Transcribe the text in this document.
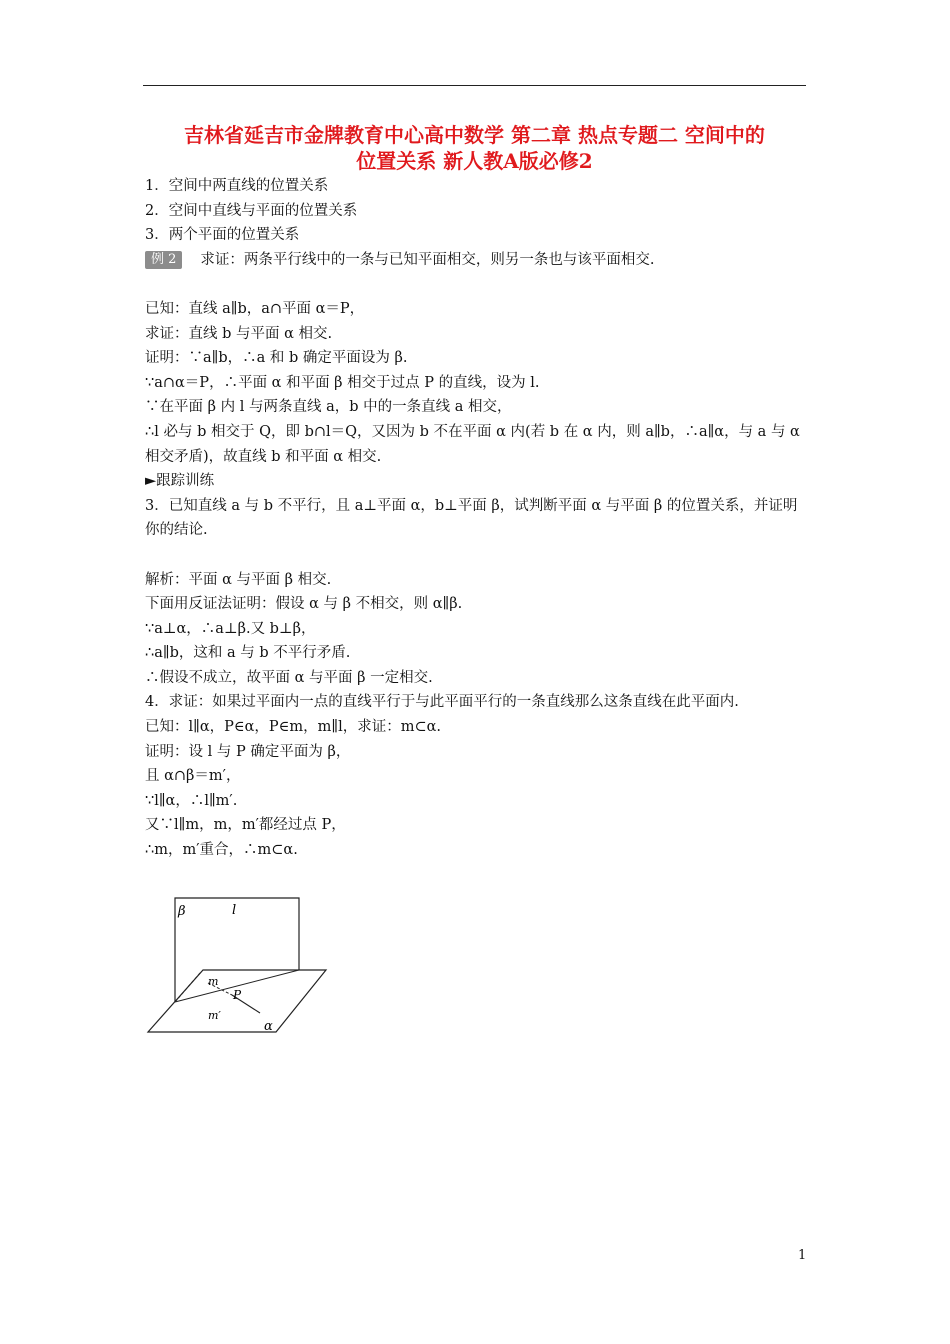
吉林省延吉市金牌教育中心高中数学 第二章 热点专题二 空间中的
位置关系 新人教A版必修2

1．空间中两直线的位置关系

2．空间中直线与平面的位置关系

3．两个平面的位置关系

例 2 求证：两条平行线中的一条与已知平面相交，则另一条也与该平面相交.

已知：直线 a∥b，a∩平面 α＝P，

求证：直线 b 与平面 α 相交.

证明：∵a∥b，∴a 和 b 确定平面设为 β.

∵a∩α＝P，∴平面 α 和平面 β 相交于过点 P 的直线，设为 l.

∵在平面 β 内 l 与两条直线 a，b 中的一条直线 a 相交，

∴l 必与 b 相交于 Q，即 b∩l＝Q，又因为 b 不在平面 α 内(若 b 在 α 内，则 a∥b，∴a∥α，与 a 与 α 相交矛盾)，故直线 b 和平面 α 相交.

►跟踪训练

3．已知直线 a 与 b 不平行，且 a⊥平面 α，b⊥平面 β，试判断平面 α 与平面 β 的位置关系，并证明你的结论.

解析：平面 α 与平面 β 相交.

下面用反证法证明：假设 α 与 β 不相交，则 α∥β.

∵a⊥α，∴a⊥β.又 b⊥β，

∴a∥b，这和 a 与 b 不平行矛盾.

∴假设不成立，故平面 α 与平面 β 一定相交.

4．求证：如果过平面内一点的直线平行于与此平面平行的一条直线那么这条直线在此平面内.

已知：l∥α，P∈α，P∈m，m∥l，求证：m⊂α.

证明：设 l 与 P 确定平面为 β，

且 α∩β＝m′，

∵l∥α，∴l∥m′.

又∵l∥m，m，m′都经过点 P，

∴m，m′重合，∴m⊂α.

β	l
m
P
m′
α
1
